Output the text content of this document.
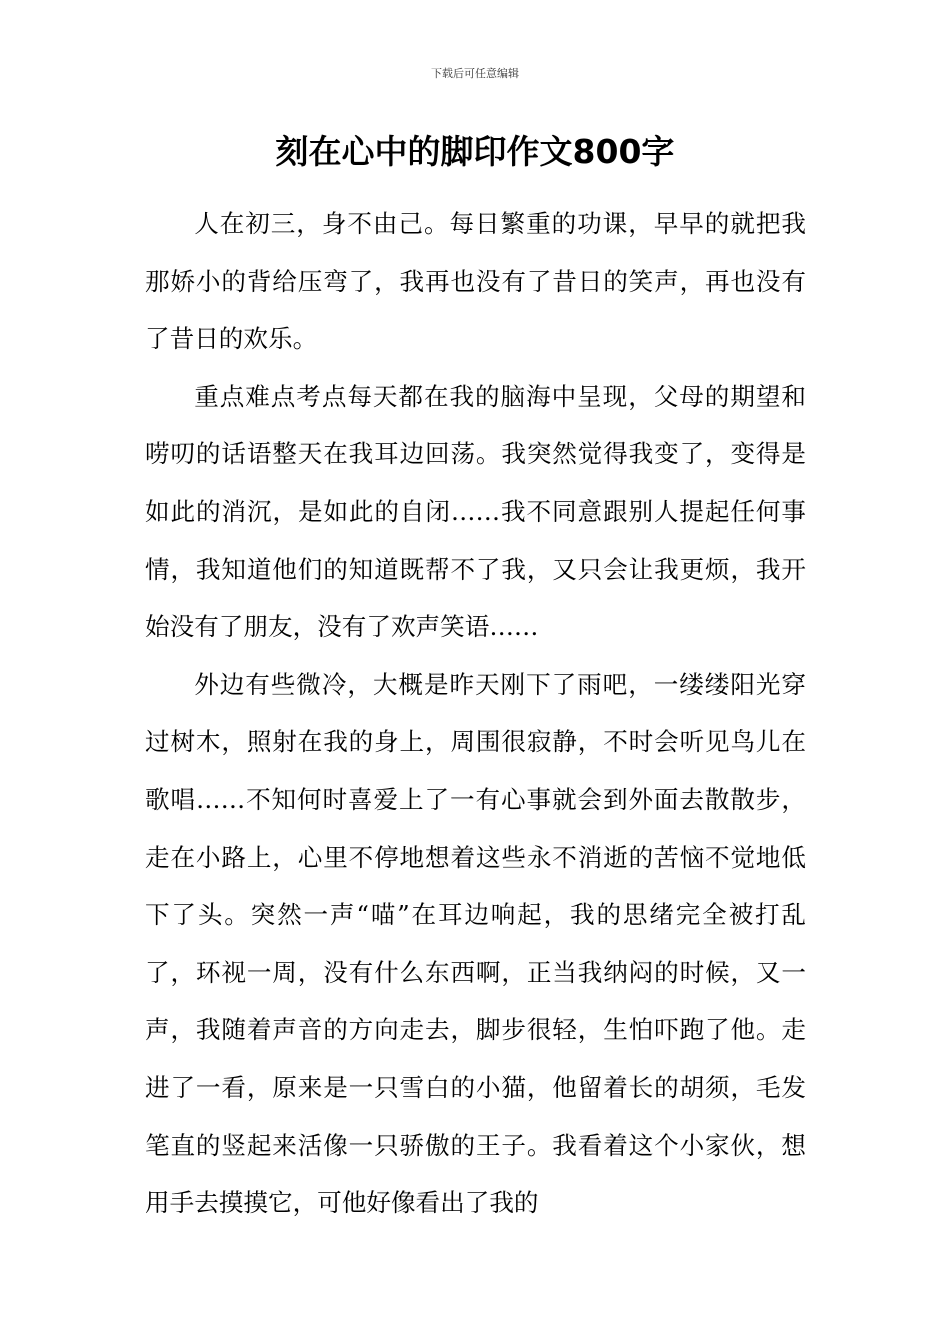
下载后可任意编辑
刻在心中的脚印作文800字

人在初三，身不由己。每日繁重的功课，早早的就把我那娇小的背给压弯了，我再也没有了昔日的笑声，再也没有了昔日的欢乐。

重点难点考点每天都在我的脑海中呈现，父母的期望和唠叨的话语整天在我耳边回荡。我突然觉得我变了，变得是如此的消沉，是如此的自闭……我不同意跟别人提起任何事情，我知道他们的知道既帮不了我，又只会让我更烦，我开始没有了朋友，没有了欢声笑语……

外边有些微冷，大概是昨天刚下了雨吧，一缕缕阳光穿过树木，照射在我的身上，周围很寂静，不时会听见鸟儿在歌唱……不知何时喜爱上了一有心事就会到外面去散散步，走在小路上，心里不停地想着这些永不消逝的苦恼不觉地低下了头。突然一声“喵”在耳边响起，我的思绪完全被打乱了，环视一周，没有什么东西啊，正当我纳闷的时候，又一声，我随着声音的方向走去，脚步很轻，生怕吓跑了他。走进了一看，原来是一只雪白的小猫，他留着长的胡须，毛发笔直的竖起来活像一只骄傲的王子。我看着这个小家伙，想用手去摸摸它，可他好像看出了我的
